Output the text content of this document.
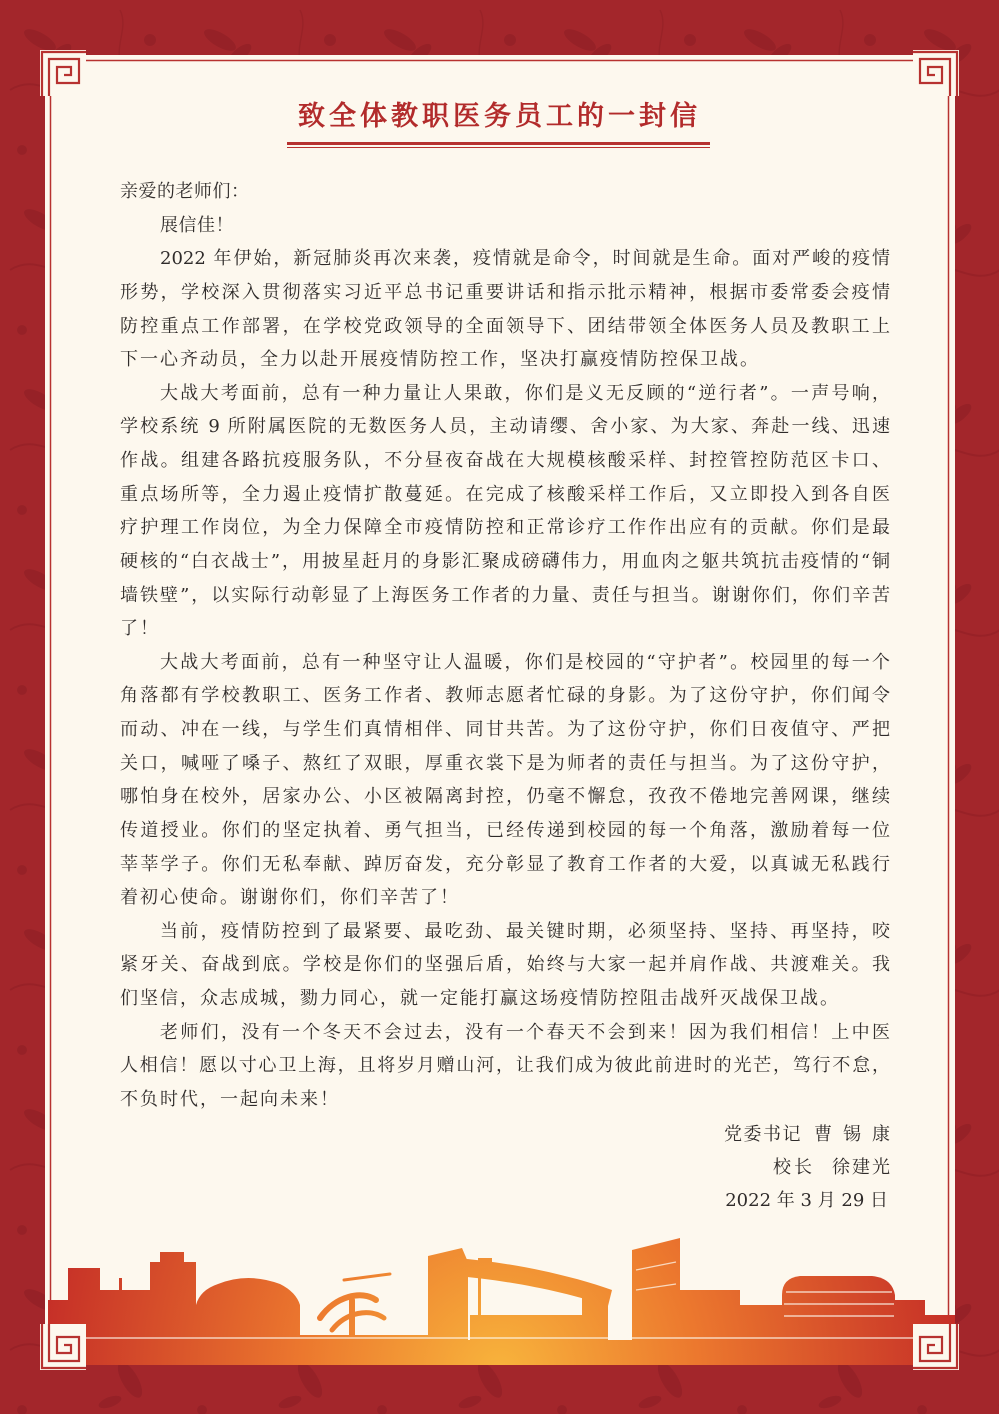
致全体教职医务员工的一封信
亲爱的老师们：
展信佳！
2022 年伊始，新冠肺炎再次来袭，疫情就是命令，时间就是生命。面对严峻的疫情
形势，学校深入贯彻落实习近平总书记重要讲话和指示批示精神，根据市委常委会疫情
防控重点工作部署，在学校党政领导的全面领导下、团结带领全体医务人员及教职工上
下一心齐动员，全力以赴开展疫情防控工作，坚决打赢疫情防控保卫战。
大战大考面前，总有一种力量让人果敢，你们是义无反顾的“逆行者”。一声号响，
学校系统 9 所附属医院的无数医务人员，主动请缨、舍小家、为大家、奔赴一线、迅速
作战。组建各路抗疫服务队，不分昼夜奋战在大规模核酸采样、封控管控防范区卡口、
重点场所等，全力遏止疫情扩散蔓延。在完成了核酸采样工作后，又立即投入到各自医
疗护理工作岗位，为全力保障全市疫情防控和正常诊疗工作作出应有的贡献。你们是最
硬核的“白衣战士”，用披星赶月的身影汇聚成磅礴伟力，用血肉之躯共筑抗击疫情的“铜
墙铁壁”，以实际行动彰显了上海医务工作者的力量、责任与担当。谢谢你们，你们辛苦
了！
大战大考面前，总有一种坚守让人温暖，你们是校园的“守护者”。校园里的每一个
角落都有学校教职工、医务工作者、教师志愿者忙碌的身影。为了这份守护，你们闻令
而动、冲在一线，与学生们真情相伴、同甘共苦。为了这份守护，你们日夜值守、严把
关口，喊哑了嗓子、熬红了双眼，厚重衣裳下是为师者的责任与担当。为了这份守护，
哪怕身在校外，居家办公、小区被隔离封控，仍毫不懈怠，孜孜不倦地完善网课，继续
传道授业。你们的坚定执着、勇气担当，已经传递到校园的每一个角落，激励着每一位
莘莘学子。你们无私奉献、踔厉奋发，充分彰显了教育工作者的大爱，以真诚无私践行
着初心使命。谢谢你们，你们辛苦了！
当前，疫情防控到了最紧要、最吃劲、最关键时期，必须坚持、坚持、再坚持，咬
紧牙关、奋战到底。学校是你们的坚强后盾，始终与大家一起并肩作战、共渡难关。我
们坚信，众志成城，勠力同心，就一定能打赢这场疫情防控阻击战歼灭战保卫战。
老师们，没有一个冬天不会过去，没有一个春天不会到来！因为我们相信！上中医
人相信！愿以寸心卫上海，且将岁月赠山河，让我们成为彼此前进时的光芒，笃行不怠，
不负时代，一起向未来！
党委书记 曹锡康
校长 徐建光
2022 年 3 月 29 日
